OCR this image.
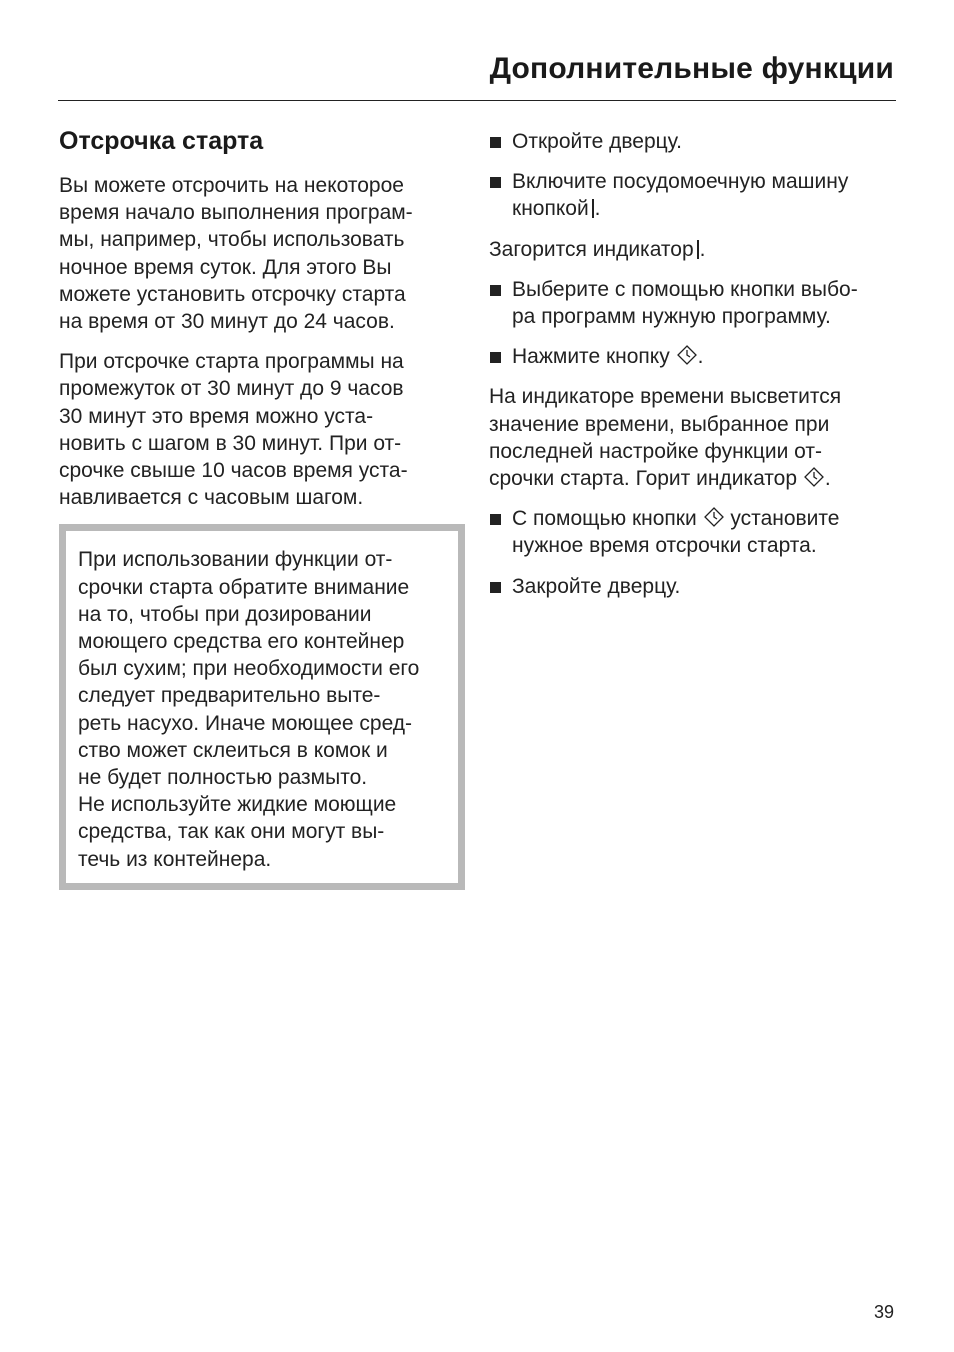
Дополнительные функции
Отсрочка старта

Вы можете отсрочить на некоторое
время начало выполнения програм-
мы, например, чтобы использовать
ночное время суток. Для этого Вы
можете установить отсрочку старта
на время от 30 минут до 24 часов.

При отсрочке старта программы на
промежуток от 30 минут до 9 часов
30 минут это время можно уста-
новить с шагом в 30 минут. При от-
срочке свыше 10 часов время уста-
навливается с часовым шагом.

При использовании функции от-
срочки старта обратите внимание
на то, чтобы при дозировании
моющего средства его контейнер
был сухим; при необходимости его
следует предварительно выте-
реть насухо. Иначе моющее сред-
ство может склеиться в комок и
не будет полностью размыто.
Не используйте жидкие моющие
средства, так как они могут вы-
течь из контейнера.

Откройте дверцу.
Включите посудомоечную машину
кнопкой .

Загорится индикатор .

Выберите с помощью кнопки выбо-
ра программ нужную программу.
Нажмите кнопку .

На индикаторе времени высветится
значение времени, выбранное при
последней настройке функции от-
срочки старта. Горит индикатор .

С помощью кнопки установите
нужное время отсрочки старта.
Закройте дверцу.
39
